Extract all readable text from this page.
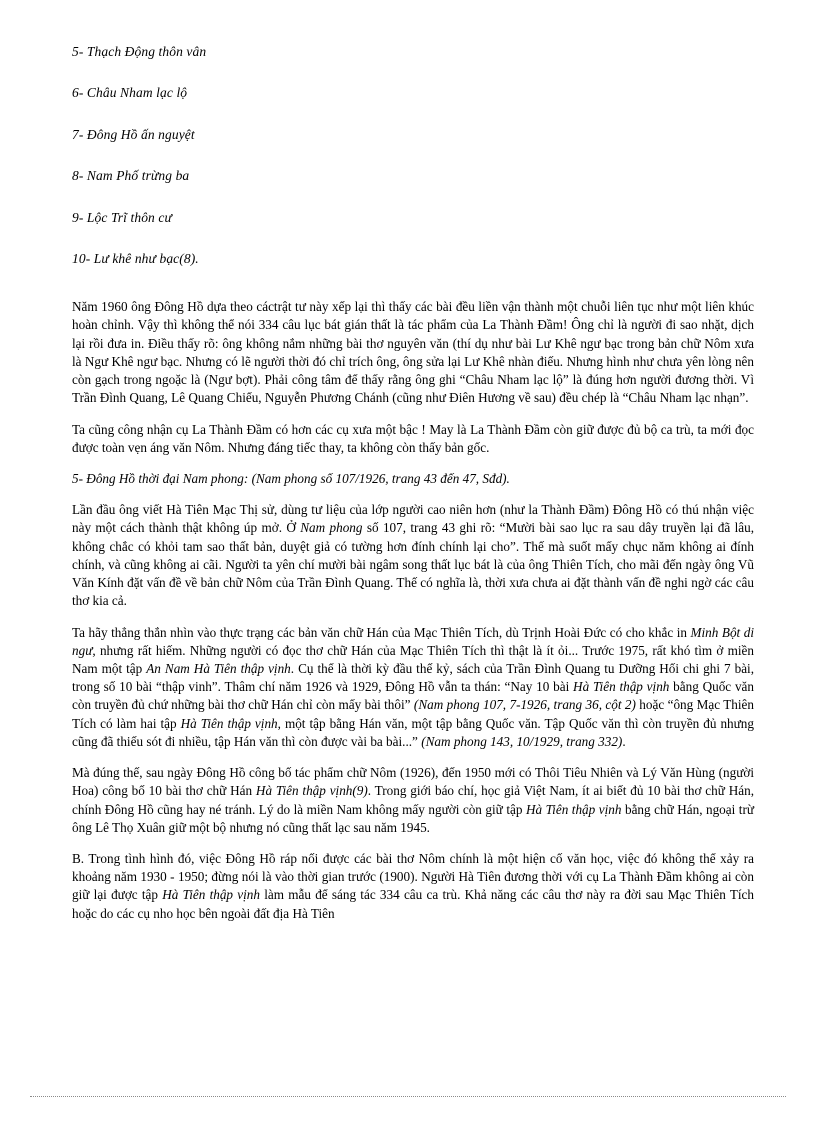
5- Thạch Động thôn vân
6- Châu Nham lạc lộ
7- Đông Hồ ấn nguyệt
8- Nam Phố trừng ba
9- Lộc Trĩ thôn cư
10- Lư khê như bạc(8).

Năm 1960 ông Đông Hồ dựa theo cáctrật tư này xếp lại thì thấy các bài đều liền vận thành một chuỗi liên tục như một liên khúc hoàn chỉnh. Vậy thì không thể nói 334 câu lục bát gián thất là tác phẩm của La Thành Đầm! Ông chỉ là người đi sao nhặt, dịch lại rồi đưa in. Điều thấy rõ: ông không nắm những bài thơ nguyên văn (thí dụ như bài Lư Khê ngư bạc trong bản chữ Nôm xưa là Ngư Khê ngư bạc. Nhưng có lẽ người thời đó chỉ trích ông, ông sửa lại Lư Khê nhàn điếu. Nhưng hình như chưa yên lòng nên còn gạch trong ngoặc là (Ngư bợt). Phải công tâm để thấy rằng ông ghi “Châu Nham lạc lộ” là đúng hơn người đương thời. Vì Trần Đình Quang, Lê Quang Chiểu, Nguyễn Phương Chánh (cũng như Điên Hương về sau) đều chép là “Châu Nham lạc nhạn”.

Ta cũng công nhận cụ La Thành Đầm có hơn các cụ xưa một bậc ! May là La Thành Đầm còn giữ được đủ bộ ca trù, ta mới đọc được toàn vẹn áng văn Nôm. Nhưng đáng tiếc thay, ta không còn thấy bản gốc.

5- Đông Hồ thời đại Nam phong: (Nam phong số 107/1926, trang 43 đến 47, Sđd).

Lần đầu ông viết Hà Tiên Mạc Thị sử, dùng tư liệu của lớp người cao niên hơn (như la Thành Đầm) Đông Hồ có thú nhận việc này một cách thành thật không úp mở. Ở Nam phong số 107, trang 43 ghi rõ: “Mười bài sao lục ra sau dây truyền lại đã lâu, không chắc có khỏi tam sao thất bản, duyệt giả có tường hơn đính chính lại cho”. Thế mà suốt mấy chục năm không ai đính chính, và cũng không ai cãi. Người ta yên chí mười bài ngâm song thất lục bát là của ông Thiên Tích, cho mãi đến ngày ông Vũ Văn Kính đặt vấn đề về bản chữ Nôm của Trần Đình Quang. Thế có nghĩa là, thời xưa chưa ai đặt thành vấn đề nghi ngờ các câu thơ kia cả.

Ta hãy thẳng thắn nhìn vào thực trạng các bản văn chữ Hán của Mạc Thiên Tích, dù Trịnh Hoài Đức có cho khắc in Minh Bột di ngư, nhưng rất hiếm. Những người có đọc thơ chữ Hán của Mạc Thiên Tích thì thật là ít ỏi... Trước 1975, rất khó tìm ở miền Nam một tập An Nam Hà Tiên thập vịnh. Cụ thể là thời kỳ đầu thế kỷ, sách của Trần Đình Quang tu Dưỡng Hối chi ghi 7 bài, trong số 10 bài “thập vinh”. Thâm chí năm 1926 và 1929, Đông Hồ vẫn ta thán: “Nay 10 bài Hà Tiên thập vịnh bằng Quốc văn còn truyền đủ chứ những bài thơ chữ Hán chỉ còn mấy bài thôi” (Nam phong 107, 7-1926, trang 36, cột 2) hoặc “ông Mạc Thiên Tích có làm hai tập Hà Tiên thập vịnh, một tập bằng Hán văn, một tập bằng Quốc văn. Tập Quốc văn thì còn truyền đủ nhưng cũng đã thiếu sót đi nhiều, tập Hán văn thì còn được vài ba bài...” (Nam phong 143, 10/1929, trang 332).

Mà đúng thế, sau ngày Đông Hồ công bố tác phẩm chữ Nôm (1926), đến 1950 mới có Thôi Tiêu Nhiên và Lý Văn Hùng (người Hoa) công bố 10 bài thơ chữ Hán Hà Tiên thập vịnh(9). Trong giới báo chí, học giả Việt Nam, ít ai biết đủ 10 bài thơ chữ Hán, chính Đông Hồ cũng hay né tránh. Lý do là miền Nam không mấy người còn giữ tập Hà Tiên thập vịnh bằng chữ Hán, ngoại trừ ông Lê Thọ Xuân giữ một bộ nhưng nó cũng thất lạc sau năm 1945.

B. Trong tình hình đó, việc Đông Hồ ráp nối được các bài thơ Nôm chính là một hiện cố văn học, việc đó không thể xảy ra khoảng năm 1930 - 1950; đừng nói là vào thời gian trước (1900). Người Hà Tiên đương thời với cụ La Thành Đầm không ai còn giữ lại được tập Hà Tiên thập vịnh làm mẫu để sáng tác 334 câu ca trù. Khả năng các câu thơ này ra đời sau Mạc Thiên Tích hoặc do các cụ nho học bên ngoài đất địa Hà Tiên
